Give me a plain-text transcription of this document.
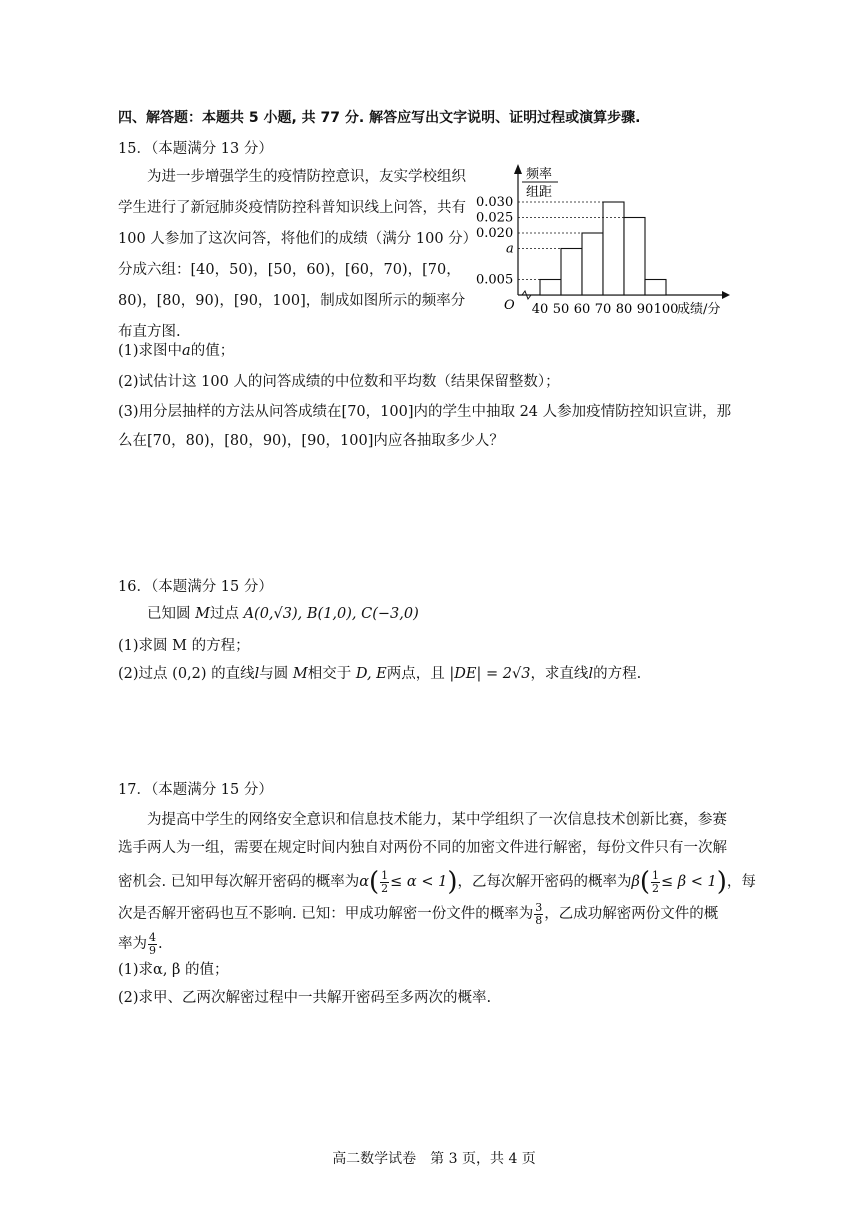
四、解答题：本题共 5 小题, 共 77 分. 解答应写出文字说明、证明过程或演算步骤.
15．（本题满分 13 分）
为进一步增强学生的疫情防控意识，友实学校组织学生进行了新冠肺炎疫情防控科普知识线上问答，共有 100 人参加了这次问答，将他们的成绩（满分 100 分）分成六组：[40，50)，[50，60)，[60，70)，[70，80)，[80，90)，[90，100]，制成如图所示的频率分布直方图.
频率
组距
O
0.030
0.025
0.020
a
0.005
40 50 60 70 80 90 100
成绩/分
(1)求图中a的值；
(2)试估计这 100 人的问答成绩的中位数和平均数（结果保留整数）；
(3)用分层抽样的方法从问答成绩在[70，100]内的学生中抽取 24 人参加疫情防控知识宣讲，那
么在[70，80)，[80，90)，[90，100]内应各抽取多少人？
16．（本题满分 15 分）
已知圆 M过点 A(0,√3), B(1,0), C(−3,0)
(1)求圆 M 的方程；
(2)过点 (0,2) 的直线l与圆 M相交于 D, E两点，且 |DE| = 2√3，求直线l的方程.
17．（本题满分 15 分）
为提高中学生的网络安全意识和信息技术能力，某中学组织了一次信息技术创新比赛，参赛
选手两人为一组，需要在规定时间内独自对两份不同的加密文件进行解密，每份文件只有一次解
密机会. 已知甲每次解开密码的概率为$\alpha( \frac{1}{2} \le \alpha < 1)$，乙每次解开密码的概率为$\beta( \frac{1}{2} \le \beta < 1)$，每
次是否解开密码也互不影响. 已知：甲成功解密一份文件的概率为 $\frac{3}{8}$ ，乙成功解密两份文件的概
率为 $\frac{4}{9}$ .
(1)求α, β 的值；
(2)求甲、乙两次解密过程中一共解开密码至多两次的概率.
高二数学试卷　第 3 页，共 4 页
